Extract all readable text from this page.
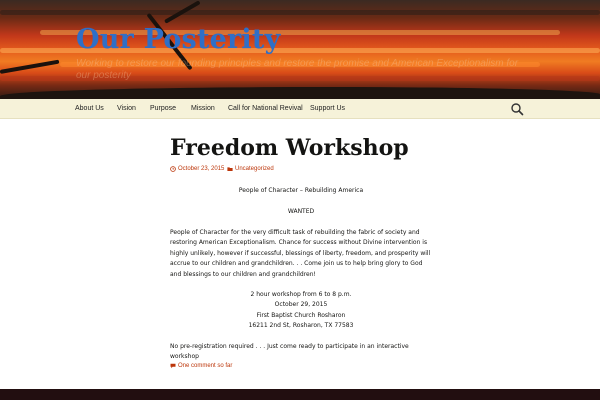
Our Posterity
Working to restore our founding principles and restore the promise and American Exceptionalism for our posterity
About Us Vision Purpose Mission Call for National Revival Support Us
Freedom Workshop
October 23, 2015 Uncategorized
People of Character – Rebuilding America
WANTED
People of Character for the very difficult task of rebuilding the fabric of society and restoring American Exceptionalism. Chance for success without Divine intervention is highly unlikely, however if successful, blessings of liberty, freedom, and prosperity will accrue to our children and grandchildren. . . Come join us to help bring glory to God and blessings to our children and grandchildren!
2 hour workshop from 6 to 8 p.m.
October 29, 2015
First Baptist Church Rosharon
16211 2nd St, Rosharon, TX 77583
No pre-registration required . . . Just come ready to participate in an interactive workshop
One comment so far
